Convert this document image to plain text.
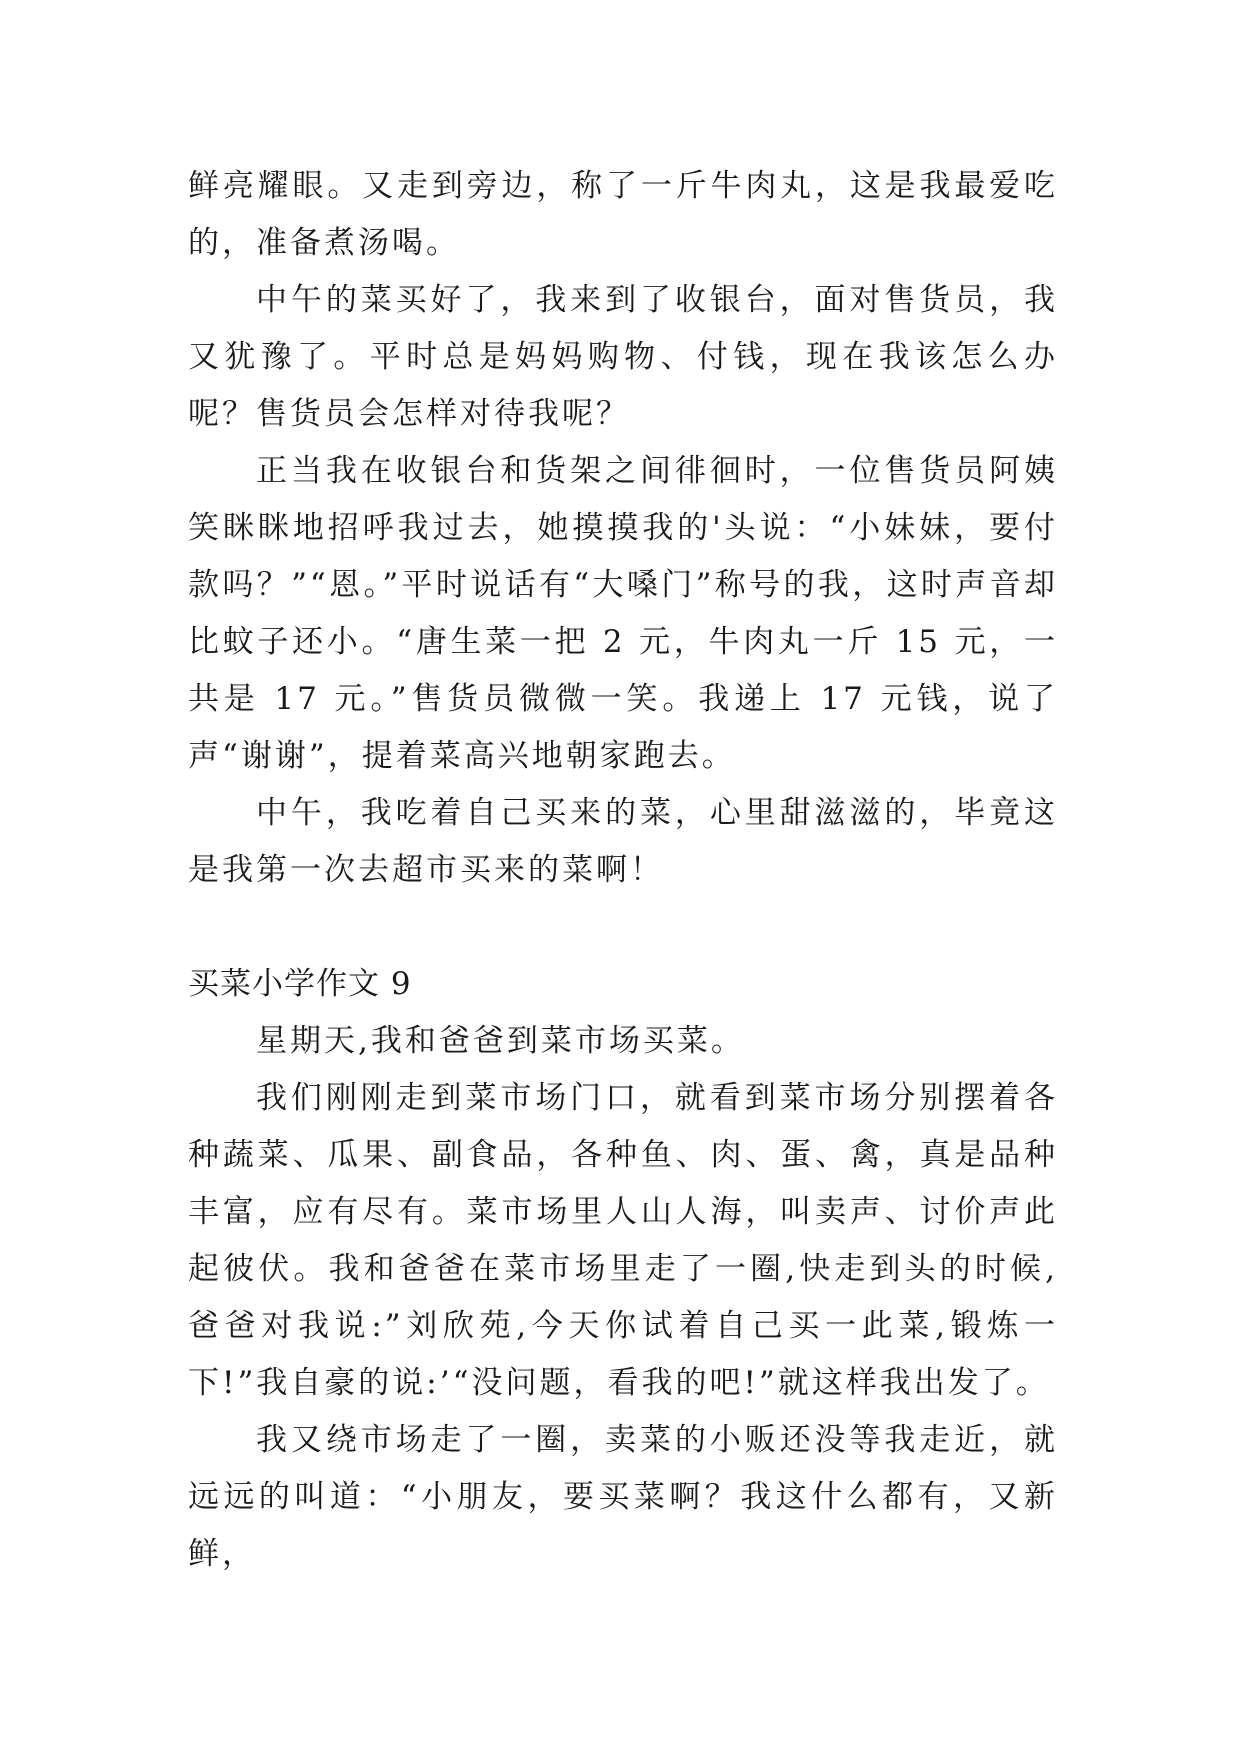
鲜亮耀眼。又走到旁边，称了一斤牛肉丸，这是我最爱吃的，准备煮汤喝。

中午的菜买好了，我来到了收银台，面对售货员，我又犹豫了。平时总是妈妈购物、付钱，现在我该怎么办呢？售货员会怎样对待我呢？

正当我在收银台和货架之间徘徊时，一位售货员阿姨笑眯眯地招呼我过去，她摸摸我的'头说：“小妹妹，要付款吗？”“恩。”平时说话有“大嗓门”称号的我，这时声音却比蚊子还小。“唐生菜一把 2 元，牛肉丸一斤 15 元，一共是 17 元。”售货员微微一笑。我递上 17 元钱，说了声“谢谢”，提着菜高兴地朝家跑去。

中午，我吃着自己买来的菜，心里甜滋滋的，毕竟这是我第一次去超市买来的菜啊！

买菜小学作文 9

星期天,我和爸爸到菜市场买菜。

我们刚刚走到菜市场门口，就看到菜市场分别摆着各种蔬菜、瓜果、副食品，各种鱼、肉、蛋、禽，真是品种丰富，应有尽有。菜市场里人山人海，叫卖声、讨价声此起彼伏。我和爸爸在菜市场里走了一圈,快走到头的时候,爸爸对我说:”刘欣苑,今天你试着自己买一此菜,锻炼一下!”我自豪的说:’“没问题，看我的吧!”就这样我出发了。

我又绕市场走了一圈，卖菜的小贩还没等我走近，就远远的叫道：“小朋友，要买菜啊？我这什么都有，又新鲜，
